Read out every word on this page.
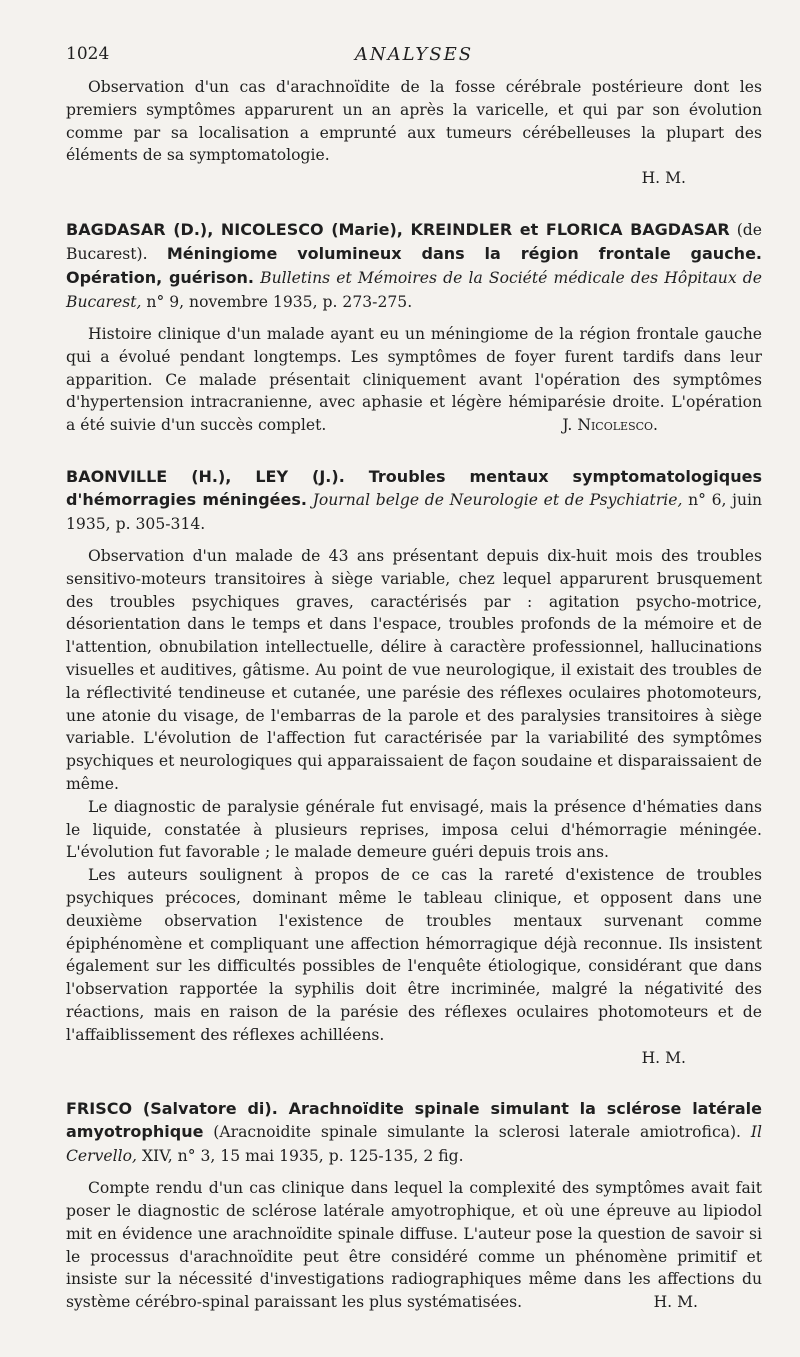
1024	ANALYSES

Observation d'un cas d'arachnoïdite de la fosse cérébrale postérieure dont les premiers symptômes apparurent un an après la varicelle, et qui par son évolution comme par sa localisation a emprunté aux tumeurs cérébelleuses la plupart des éléments de sa symptomatologie.

H. M.
BAGDASAR (D.), NICOLESCO (Marie), KREINDLER et FLORICA BAGDASAR (de Bucarest). Méningiome volumineux dans la région frontale gauche. Opération, guérison. Bulletins et Mémoires de la Société médicale des Hôpitaux de Bucarest, n° 9, novembre 1935, p. 273-275.

Histoire clinique d'un malade ayant eu un méningiome de la région frontale gauche qui a évolué pendant longtemps. Les symptômes de foyer furent tardifs dans leur apparition. Ce malade présentait cliniquement avant l'opération des symptômes d'hypertension intracranienne, avec aphasie et légère hémiparésie droite. L'opération a été suivie d'un succès complet.	J. Nicolesco.
BAONVILLE (H.), LEY (J.). Troubles mentaux symptomatologiques d'hémorragies méningées. Journal belge de Neurologie et de Psychiatrie, n° 6, juin 1935, p. 305-314.

Observation d'un malade de 43 ans présentant depuis dix-huit mois des troubles sensitivo-moteurs transitoires à siège variable, chez lequel apparurent brusquement des troubles psychiques graves, caractérisés par : agitation psycho-motrice, désorientation dans le temps et dans l'espace, troubles profonds de la mémoire et de l'attention, obnubilation intellectuelle, délire à caractère professionnel, hallucinations visuelles et auditives, gâtisme. Au point de vue neurologique, il existait des troubles de la réflectivité tendineuse et cutanée, une parésie des réflexes oculaires photomoteurs, une atonie du visage, de l'embarras de la parole et des paralysies transitoires à siège variable. L'évolution de l'affection fut caractérisée par la variabilité des symptômes psychiques et neurologiques qui apparaissaient de façon soudaine et disparaissaient de même.

Le diagnostic de paralysie générale fut envisagé, mais la présence d'hématies dans le liquide, constatée à plusieurs reprises, imposa celui d'hémorragie méningée. L'évolution fut favorable ; le malade demeure guéri depuis trois ans.

Les auteurs soulignent à propos de ce cas la rareté d'existence de troubles psychiques précoces, dominant même le tableau clinique, et opposent dans une deuxième observation l'existence de troubles mentaux survenant comme épiphénomène et compliquant une affection hémorragique déjà reconnue. Ils insistent également sur les difficultés possibles de l'enquête étiologique, considérant que dans l'observation rapportée la syphilis doit être incriminée, malgré la négativité des réactions, mais en raison de la parésie des réflexes oculaires photomoteurs et de l'affaiblissement des réflexes achilléens.

H. M.
FRISCO (Salvatore di). Arachnoïdite spinale simulant la sclérose latérale amyotrophique (Aracnoidite spinale simulante la sclerosi laterale amiotrofica). Il Cervello, XIV, n° 3, 15 mai 1935, p. 125-135, 2 fig.

Compte rendu d'un cas clinique dans lequel la complexité des symptômes avait fait poser le diagnostic de sclérose latérale amyotrophique, et où une épreuve au lipiodol mit en évidence une arachnoïdite spinale diffuse. L'auteur pose la question de savoir si le processus d'arachnoïdite peut être considéré comme un phénomène primitif et insiste sur la nécessité d'investigations radiographiques même dans les affections du système cérébro-spinal paraissant les plus systématisées.	H. M.
